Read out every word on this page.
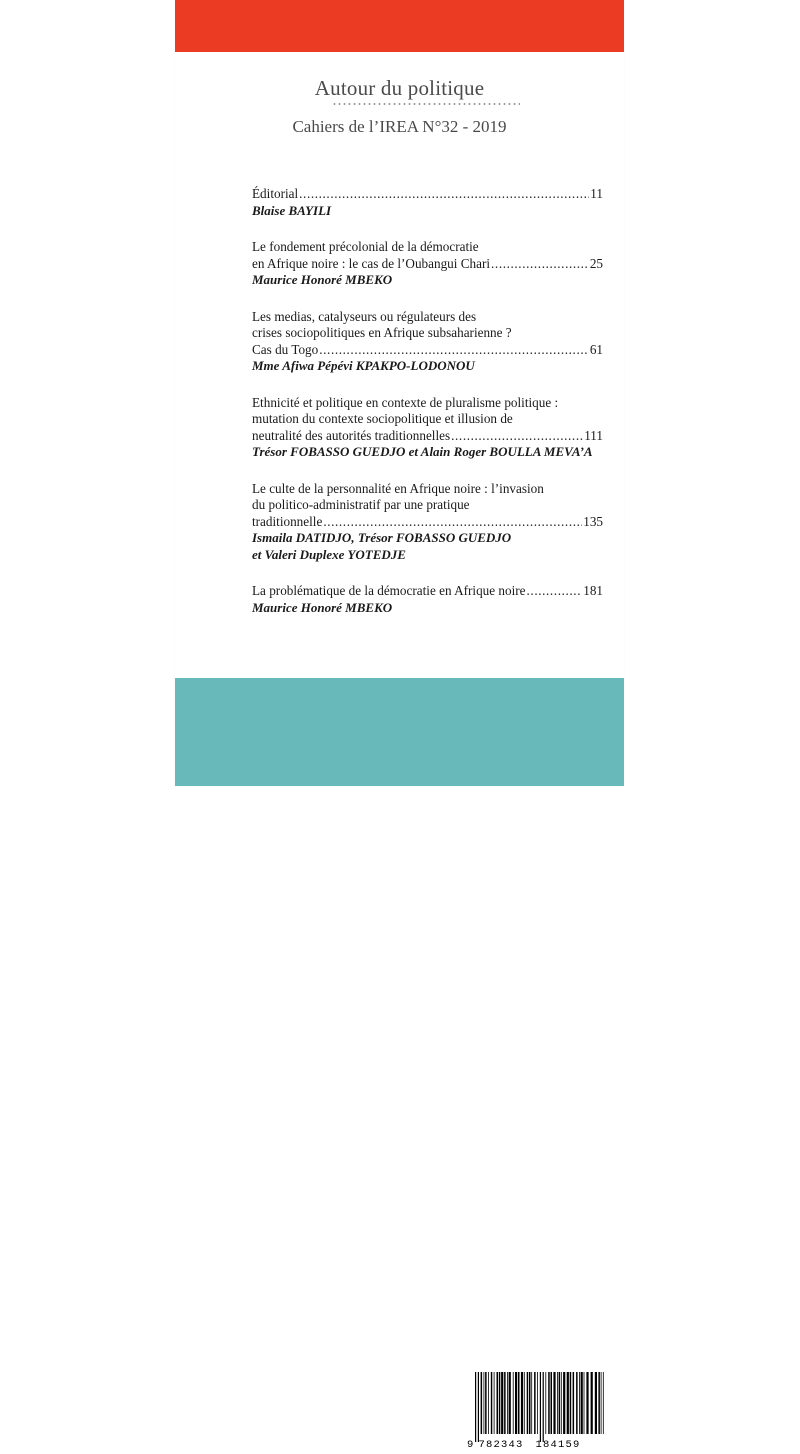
Autour du politique
Cahiers de l’IREA N°32 - 2019
Éditorial .....	11
Blaise BAYILI
Le fondement précolonial de la démocratie
en Afrique noire : le cas de l’Oubangui Chari .....	25
Maurice Honoré MBEKO
Les medias, catalyseurs ou régulateurs des
crises sociopolitiques en Afrique subsaharienne ?
Cas du Togo .....	61
Mme Afiwa Pépévi KPAKPO-LODONOU
Ethnicité et politique en contexte de pluralisme politique :
mutation du contexte sociopolitique et illusion de
neutralité des autorités traditionnelles .....	111
Trésor FOBASSO GUEDJO et Alain Roger BOULLA MEVA’A
Le culte de la personnalité en Afrique noire : l’invasion
du politico-administratif par une pratique
traditionnelle .....	135
Ismaila DATIDJO, Trésor FOBASSO GUEDJO
et Valeri Duplexe YOTEDJE
La problématique de la démocratie en Afrique noire .....	181
Maurice Honoré MBEKO
ISBN : 978-2-343-18415-9
24 €
9 782343 184159
